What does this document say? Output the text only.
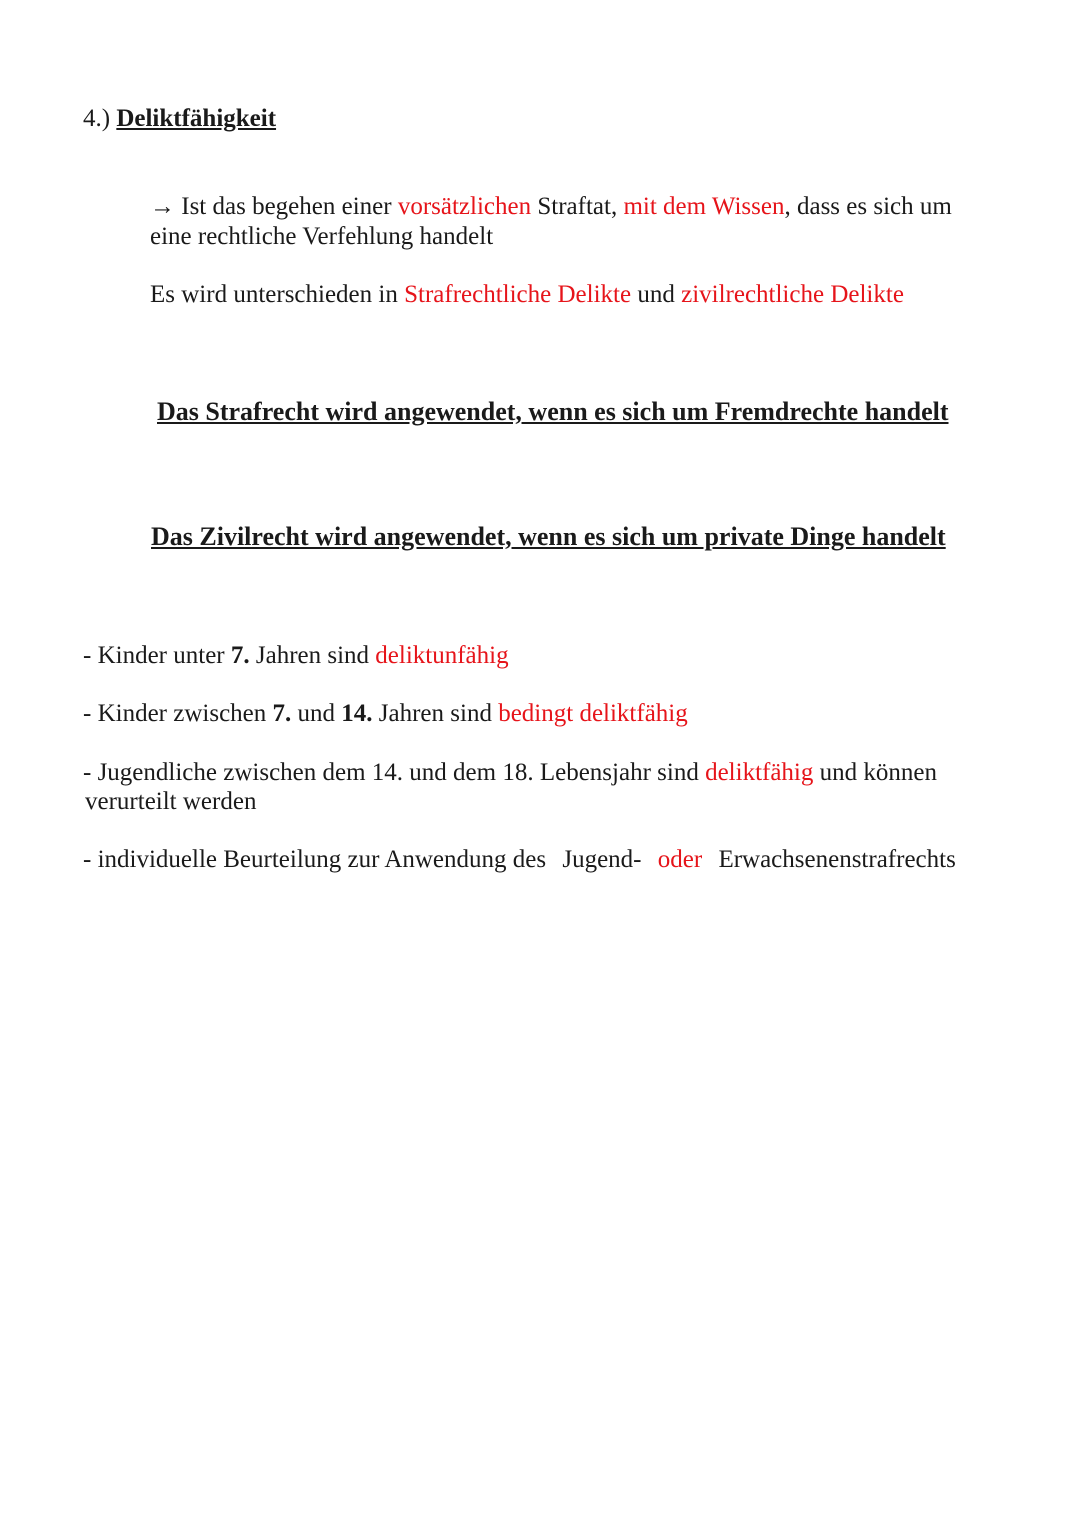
4.) Deliktfähigkeit
→ Ist das begehen einer vorsätzlichen Straftat, mit dem Wissen, dass es sich um
eine rechtliche Verfehlung handelt
Es wird unterschieden in Strafrechtliche Delikte und zivilrechtliche Delikte
Das Strafrecht wird angewendet, wenn es sich um Fremdrechte handelt
Das Zivilrecht wird angewendet, wenn es sich um private Dinge handelt
- Kinder unter 7. Jahren sind deliktunfähig
- Kinder zwischen 7. und 14. Jahren sind bedingt deliktfähig
- Jugendliche zwischen dem 14. und dem 18. Lebensjahr sind deliktfähig und können
verurteilt werden
- individuelle Beurteilung zur Anwendung des Jugend- oder Erwachsenenstrafrechts
